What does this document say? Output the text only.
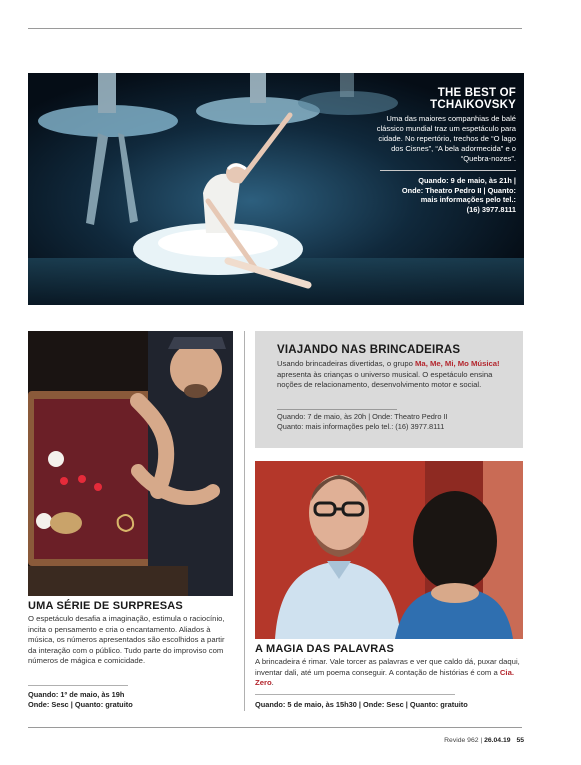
THE BEST OF
TCHAIKOVSKY
Uma das maiores companhias de balé clássico mundial traz um espetáculo para cidade. No repertório, trechos de “O lago dos Cisnes”, “A bela adormecida” e o “Quebra-nozes”.
Quando: 9 de maio, às 21h |
Onde: Theatro Pedro II | Quanto:
mais informações pelo tel.:
(16) 3977.8111
UMA SÉRIE DE SURPRESAS
O espetáculo desafia a imaginação, estimula o raciocínio, incita o pensamento e cria o encantamento. Aliados à música, os números apresentados são escolhidos a partir da interação com o público. Tudo parte do improviso com números de mágica e comicidade.
Quando: 1º de maio, às 19h
Onde: Sesc | Quanto: gratuito
VIAJANDO NAS BRINCADEIRAS
Usando brincadeiras divertidas, o grupo Ma, Me, Mi, Mo Música! apresenta às crianças o universo musical. O espetáculo ensina noções de relacionamento, desenvolvimento motor e social.
Quando: 7 de maio, às 20h | Onde: Theatro Pedro II
Quanto: mais informações pelo tel.: (16) 3977.8111
A MAGIA DAS PALAVRAS
A brincadeira é rimar. Vale torcer as palavras e ver que caldo dá, puxar daqui, inventar dali, até um poema conseguir. A contação de histórias é com a Cia. Zero.
Quando: 5 de maio, às 15h30 | Onde: Sesc | Quanto: gratuito
Revide 962 | 26.04.19 55
